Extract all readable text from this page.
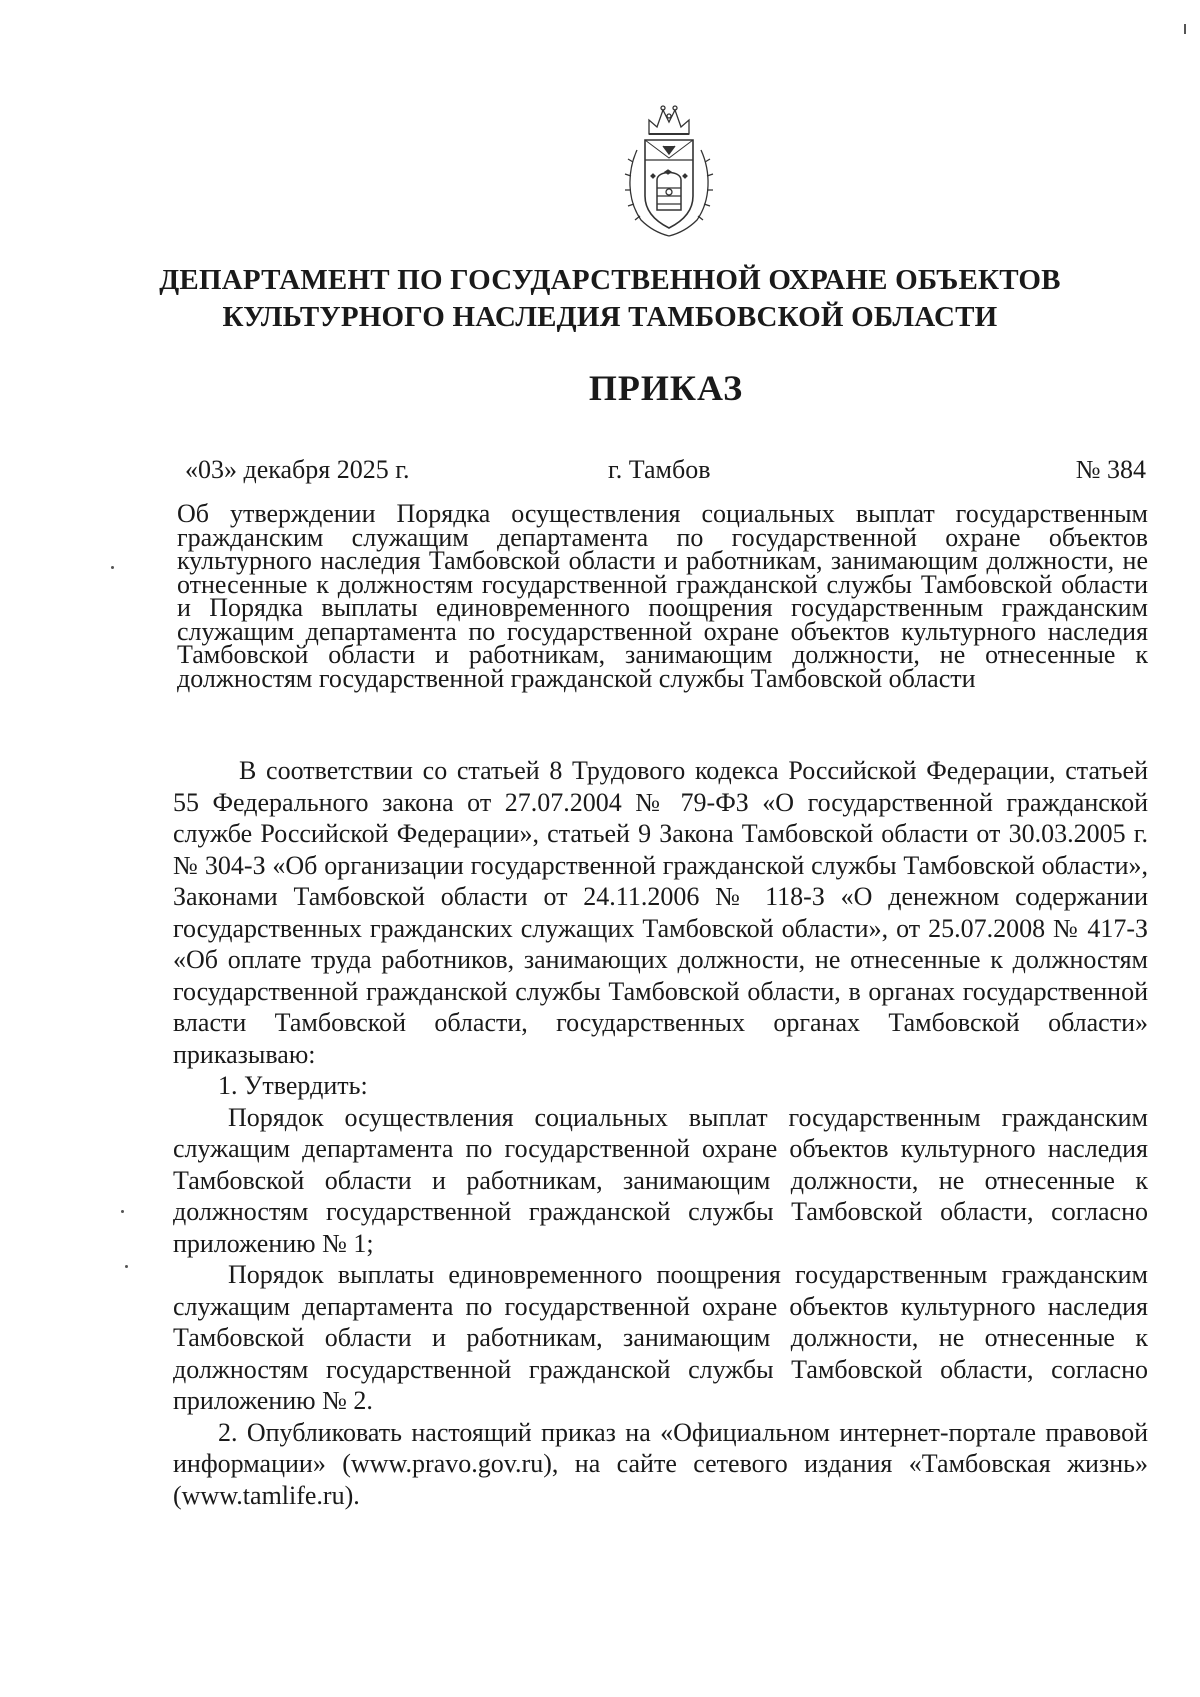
ДЕПАРТАМЕНТ ПО ГОСУДАРСТВЕННОЙ ОХРАНЕ ОБЪЕКТОВ
КУЛЬТУРНОГО НАСЛЕДИЯ ТАМБОВСКОЙ ОБЛАСТИ
ПРИКАЗ
«03» декабря 2025 г.	г. Тамбов	№ 384
Об утверждении Порядка осуществления социальных выплат государственным гражданским служащим департамента по государственной охране объектов культурного наследия Тамбовской области и работникам, занимающим должности, не отнесенные к должностям государственной гражданской службы Тамбовской области и Порядка выплаты единовременного поощрения государственным гражданским служащим департамента по государственной охране объектов культурного наследия Тамбовской области и работникам, занимающим должности, не отнесенные к должностям государственной гражданской службы Тамбовской области

В соответствии со статьей 8 Трудового кодекса Российской Федерации, статьей 55 Федерального закона от 27.07.2004 № 79-ФЗ «О государственной гражданской службе Российской Федерации», статьей 9 Закона Тамбовской области от 30.03.2005 г. № 304-З «Об организации государственной гражданской службы Тамбовской области», Законами Тамбовской области от 24.11.2006 № 118-З «О денежном содержании государственных гражданских служащих Тамбовской области», от 25.07.2008 № 417-З «Об оплате труда работников, занимающих должности, не отнесенные к должностям государственной гражданской службы Тамбовской области, в органах государственной власти Тамбовской области, государственных органах Тамбовской области» приказываю:

1. Утвердить:

Порядок осуществления социальных выплат государственным гражданским служащим департамента по государственной охране объектов культурного наследия Тамбовской области и работникам, занимающим должности, не отнесенные к должностям государственной гражданской службы Тамбовской области, согласно приложению № 1;

Порядок выплаты единовременного поощрения государственным гражданским служащим департамента по государственной охране объектов культурного наследия Тамбовской области и работникам, занимающим должности, не отнесенные к должностям государственной гражданской службы Тамбовской области, согласно приложению № 2.

2. Опубликовать настоящий приказ на «Официальном интернет-портале правовой информации» (www.pravo.gov.ru), на сайте сетевого издания «Тамбовская жизнь» (www.tamlife.ru).
